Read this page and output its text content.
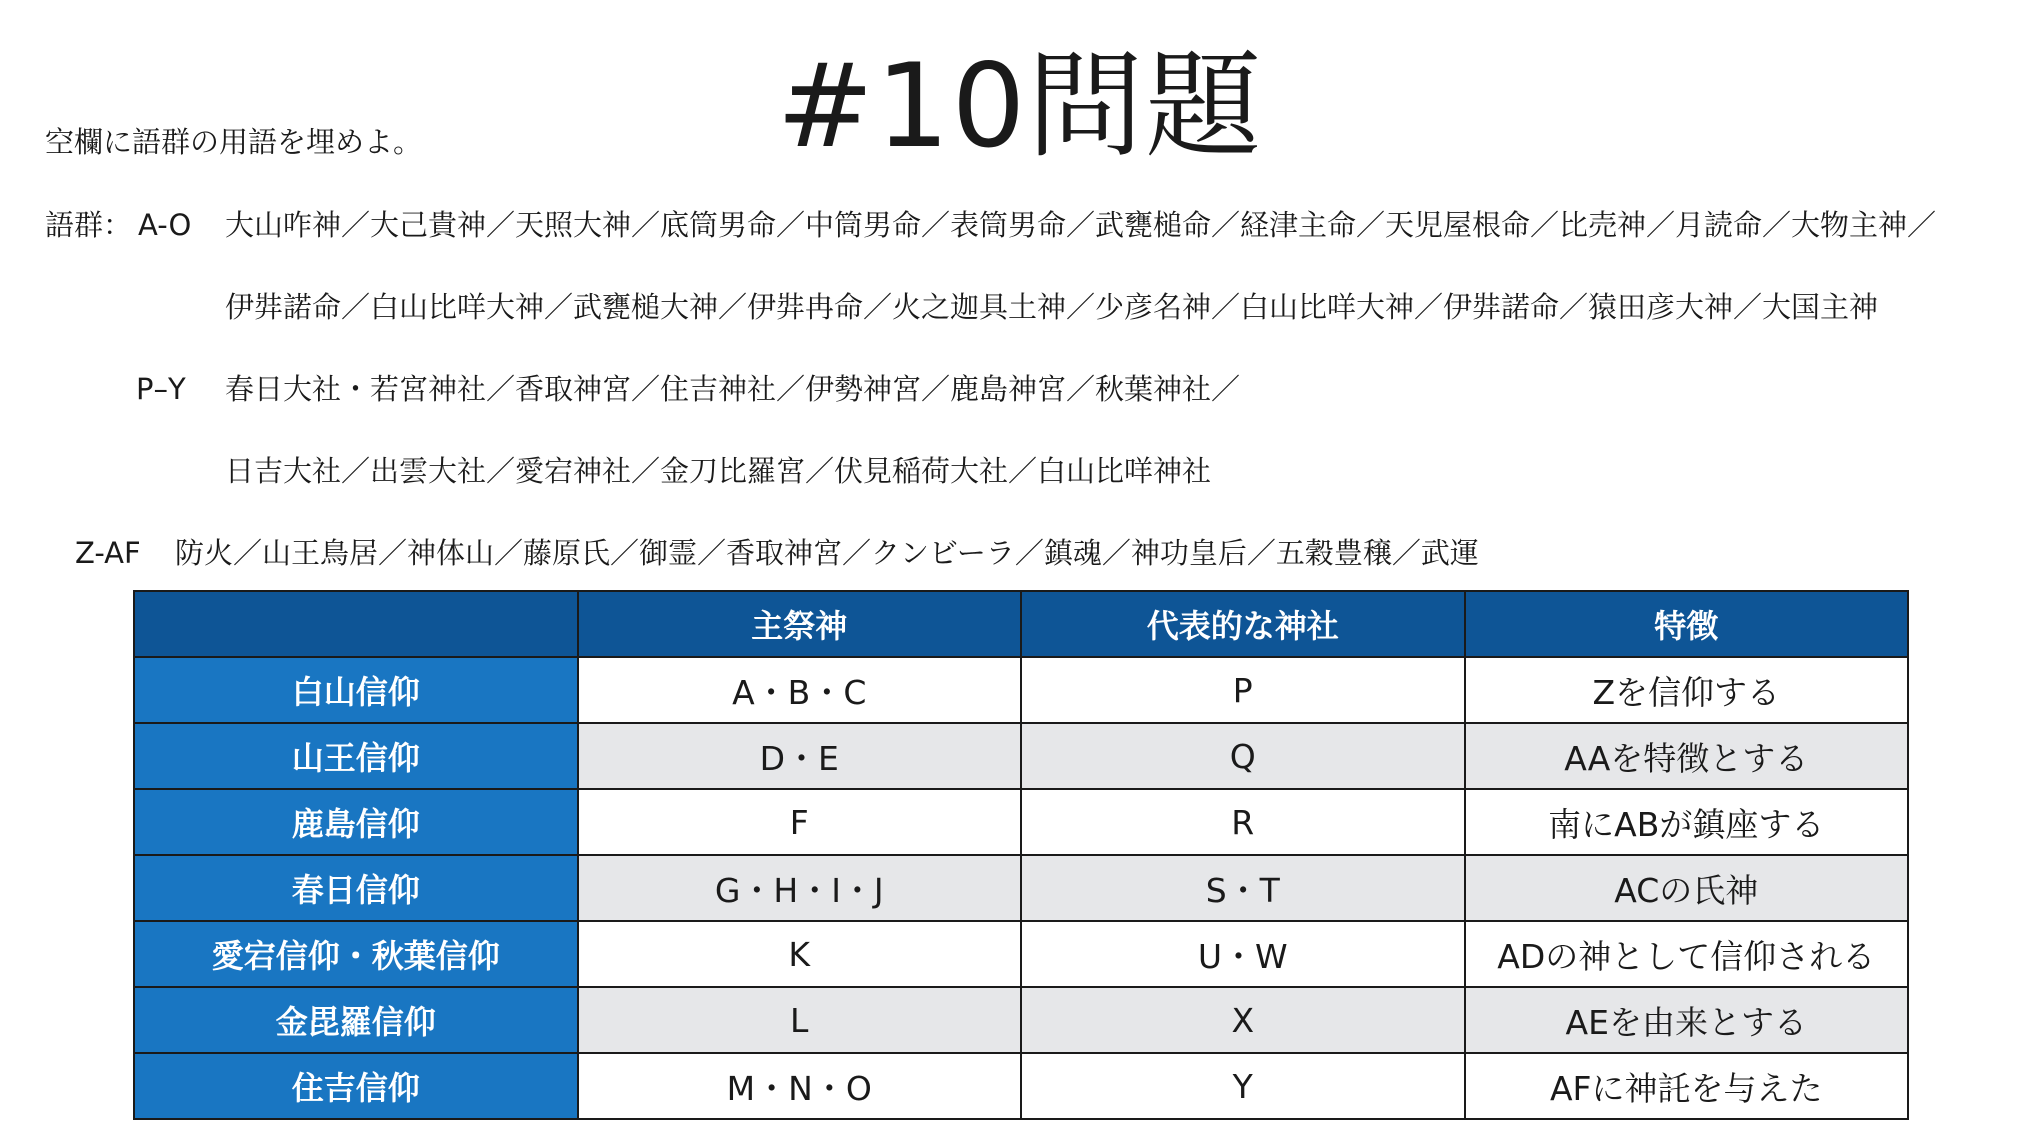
#10問題
空欄に語群の用語を埋めよ。
語群： A-O 大山咋神／大己貴神／天照大神／底筒男命／中筒男命／表筒男命／武甕槌命／経津主命／天児屋根命／比売神／月読命／大物主神／
伊弉諾命／白山比咩大神／武甕槌大神／伊弉冉命／火之迦具土神／少彦名神／白山比咩大神／伊弉諾命／猿田彦大神／大国主神
P–Y 春日大社・若宮神社／香取神宮／住吉神社／伊勢神宮／鹿島神宮／秋葉神社／
日吉大社／出雲大社／愛宕神社／金刀比羅宮／伏見稲荷大社／白山比咩神社
Z-AF 防火／山王鳥居／神体山／藤原氏／御霊／香取神宮／クンビーラ／鎮魂／神功皇后／五穀豊穣／武運
	主祭神	代表的な神社	特徴
白山信仰	A・B・C	P	Zを信仰する
山王信仰	D・E	Q	AAを特徴とする
鹿島信仰	F	R	南にABが鎮座する
春日信仰	G・H・I・J	S・T	ACの氏神
愛宕信仰・秋葉信仰	K	U・W	ADの神として信仰される
金毘羅信仰	L	X	AEを由来とする
住吉信仰	M・N・O	Y	AFに神託を与えた
